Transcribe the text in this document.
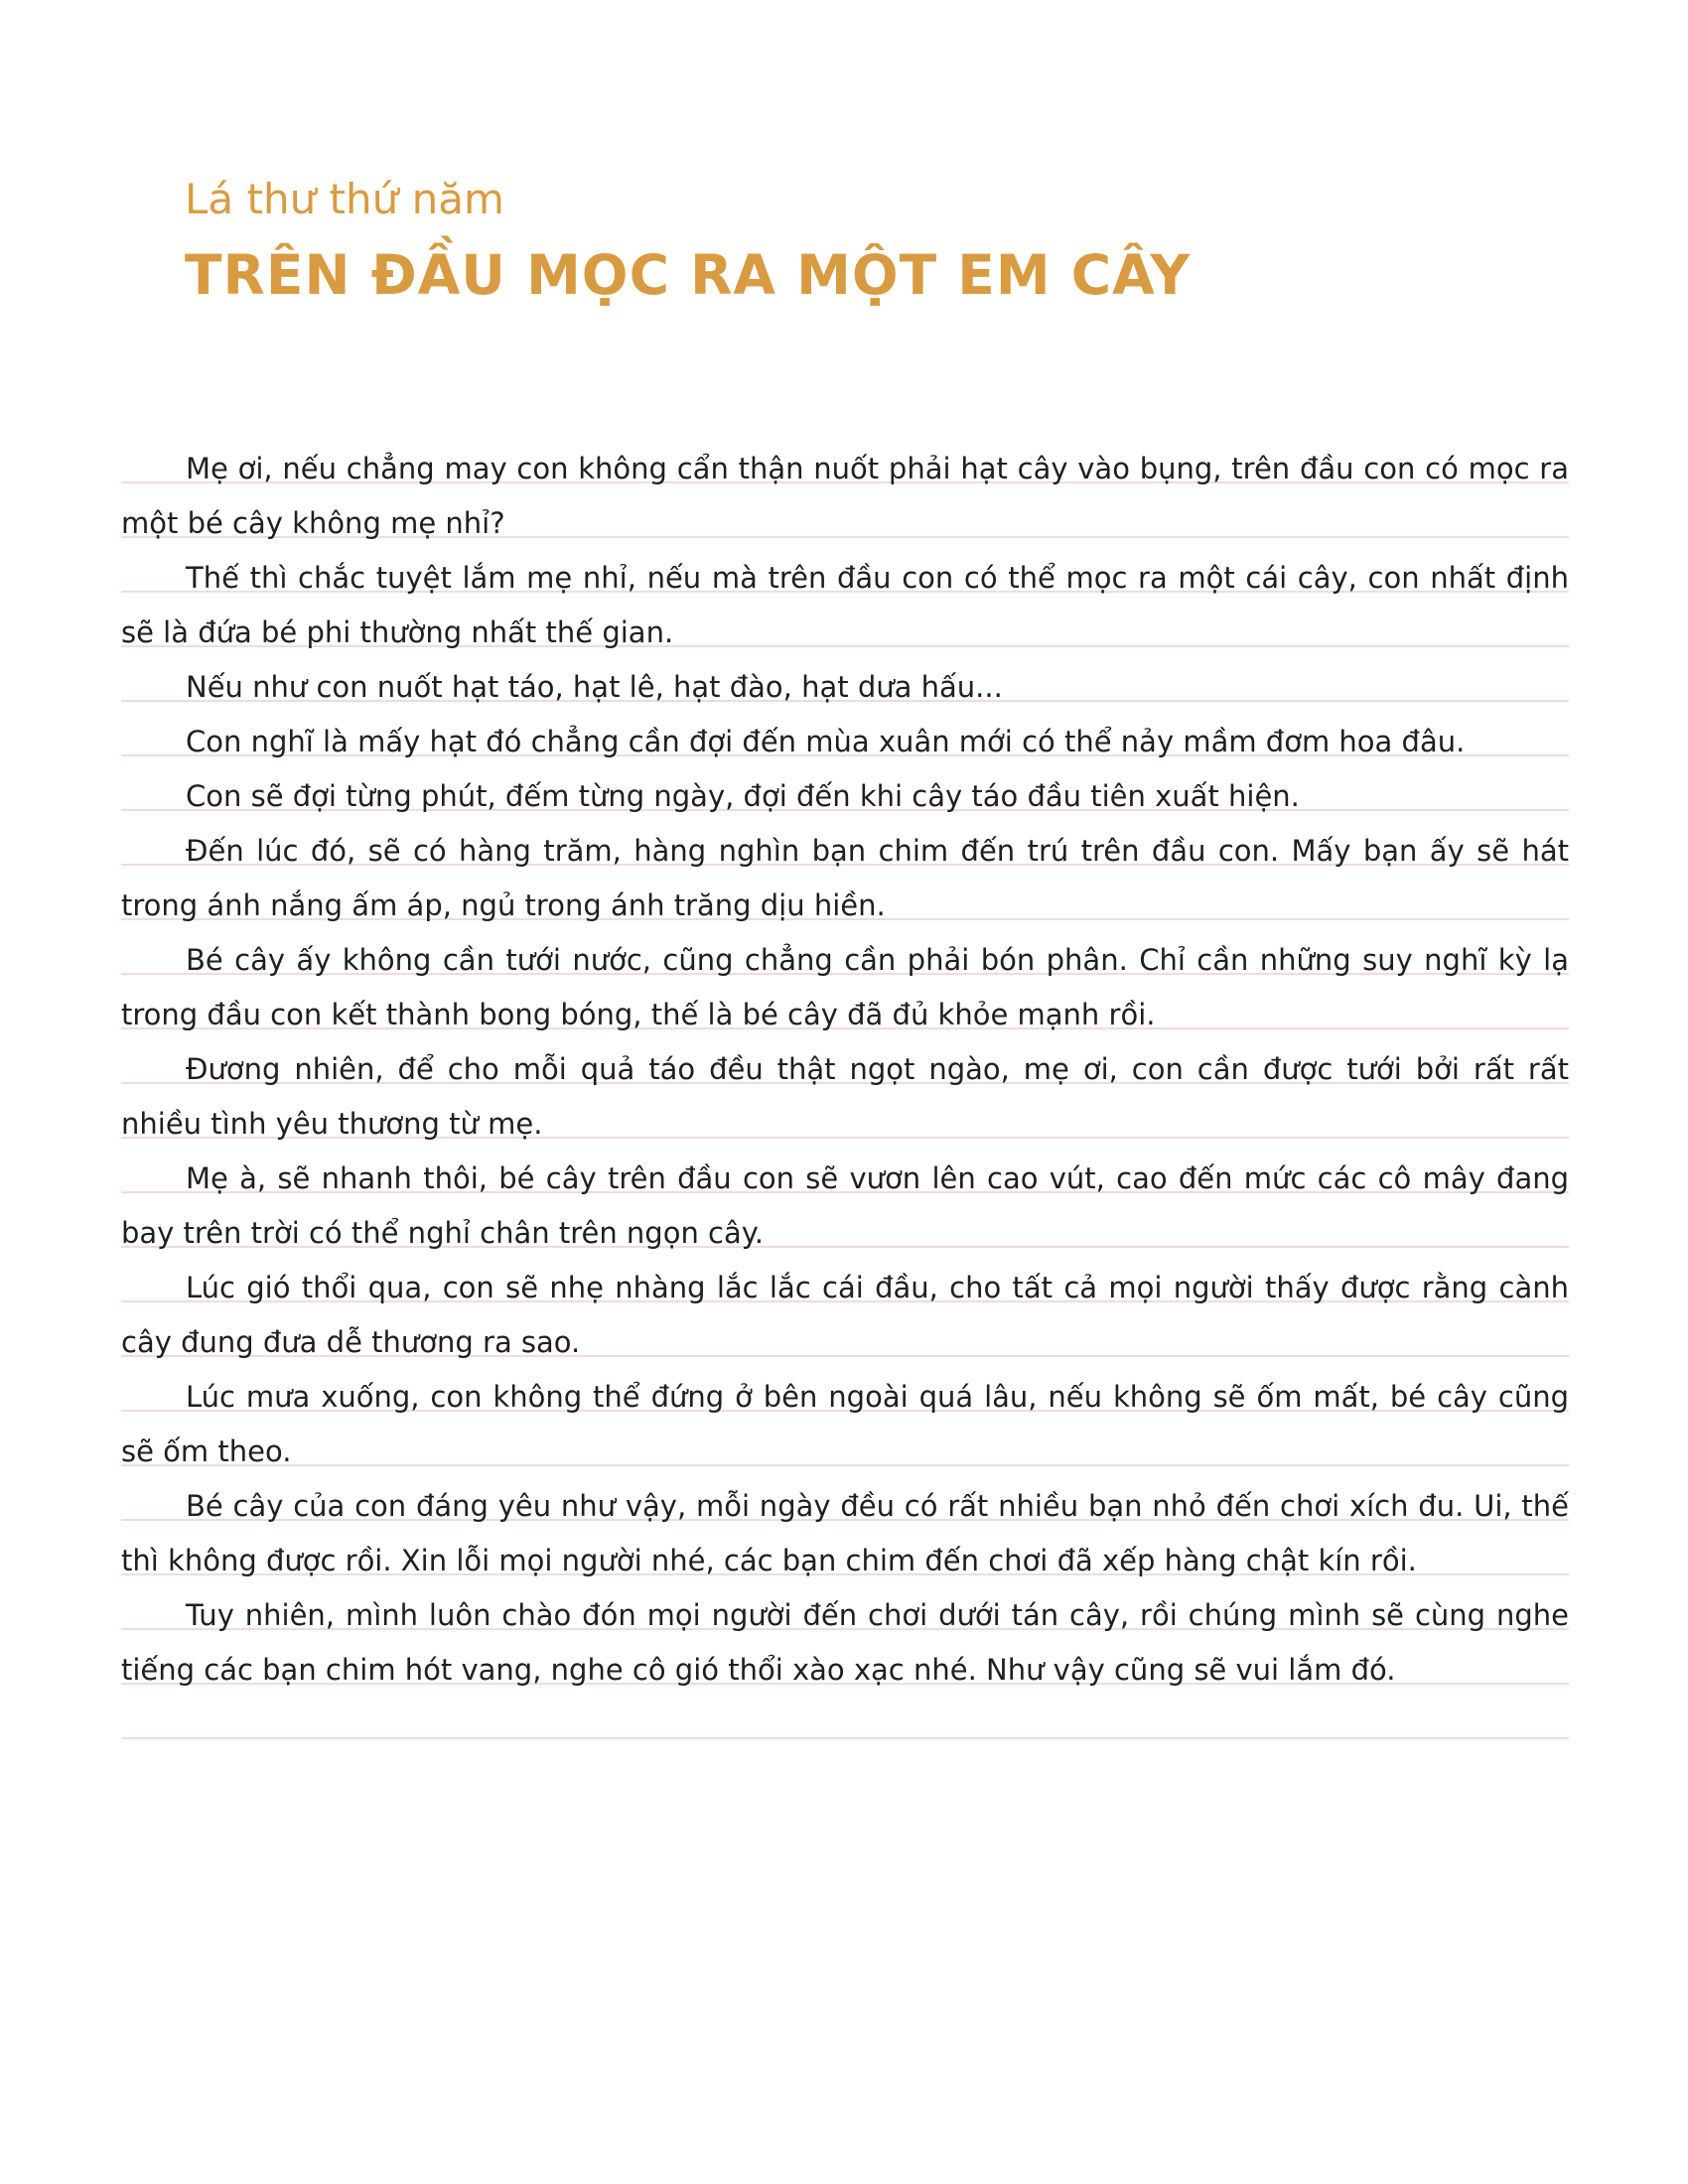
Lá thư thứ năm
TRÊN ĐẦU MỌC RA MỘT EM CÂY

Mẹ ơi, nếu chẳng may con không cẩn thận nuốt phải hạt cây vào bụng, trên đầu con có mọc ra một bé cây không mẹ nhỉ?

Thế thì chắc tuyệt lắm mẹ nhỉ, nếu mà trên đầu con có thể mọc ra một cái cây, con nhất định sẽ là đứa bé phi thường nhất thế gian.

Nếu như con nuốt hạt táo, hạt lê, hạt đào, hạt dưa hấu...

Con nghĩ là mấy hạt đó chẳng cần đợi đến mùa xuân mới có thể nảy mầm đơm hoa đâu.

Con sẽ đợi từng phút, đếm từng ngày, đợi đến khi cây táo đầu tiên xuất hiện.

Đến lúc đó, sẽ có hàng trăm, hàng nghìn bạn chim đến trú trên đầu con. Mấy bạn ấy sẽ hát trong ánh nắng ấm áp, ngủ trong ánh trăng dịu hiền.

Bé cây ấy không cần tưới nước, cũng chẳng cần phải bón phân. Chỉ cần những suy nghĩ kỳ lạ trong đầu con kết thành bong bóng, thế là bé cây đã đủ khỏe mạnh rồi.

Đương nhiên, để cho mỗi quả táo đều thật ngọt ngào, mẹ ơi, con cần được tưới bởi rất rất nhiều tình yêu thương từ mẹ.

Mẹ à, sẽ nhanh thôi, bé cây trên đầu con sẽ vươn lên cao vút, cao đến mức các cô mây đang bay trên trời có thể nghỉ chân trên ngọn cây.

Lúc gió thổi qua, con sẽ nhẹ nhàng lắc lắc cái đầu, cho tất cả mọi người thấy được rằng cành cây đung đưa dễ thương ra sao.

Lúc mưa xuống, con không thể đứng ở bên ngoài quá lâu, nếu không sẽ ốm mất, bé cây cũng sẽ ốm theo.

Bé cây của con đáng yêu như vậy, mỗi ngày đều có rất nhiều bạn nhỏ đến chơi xích đu. Ui, thế thì không được rồi. Xin lỗi mọi người nhé, các bạn chim đến chơi đã xếp hàng chật kín rồi.

Tuy nhiên, mình luôn chào đón mọi người đến chơi dưới tán cây, rồi chúng mình sẽ cùng nghe tiếng các bạn chim hót vang, nghe cô gió thổi xào xạc nhé. Như vậy cũng sẽ vui lắm đó.
